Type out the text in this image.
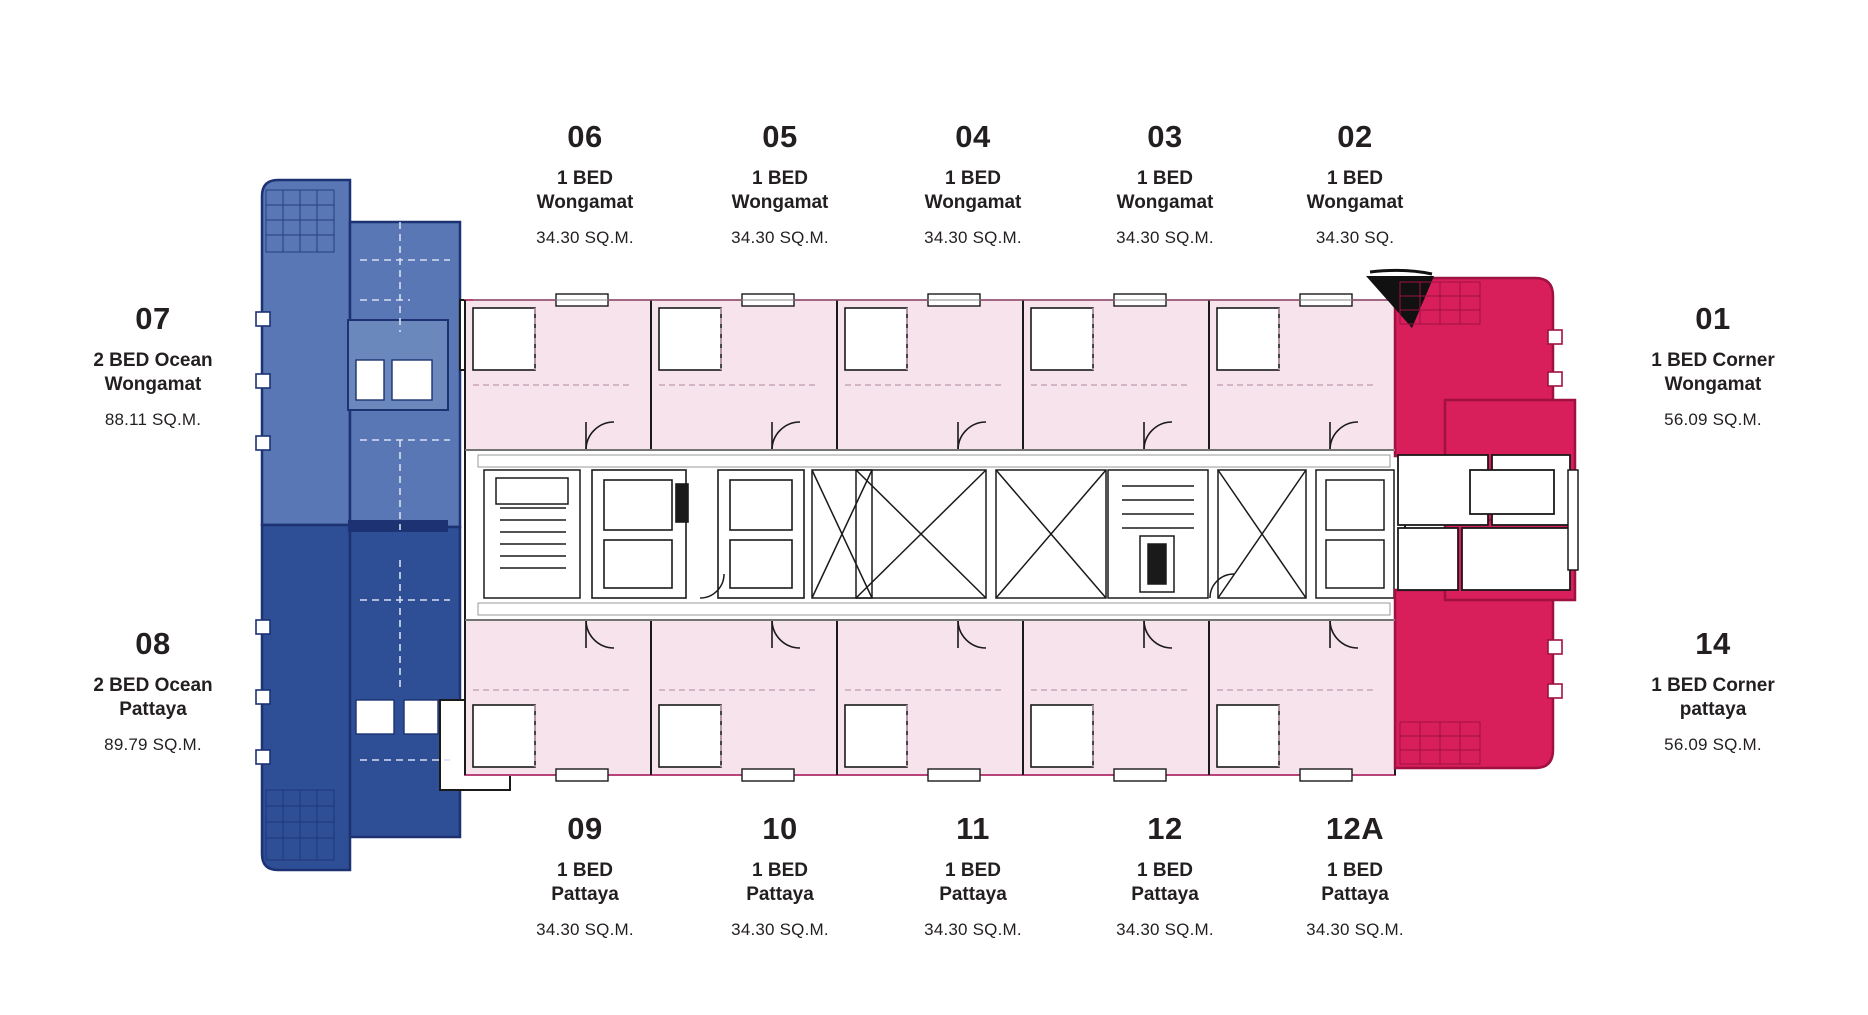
06
1 BED
Wongamat
34.30 SQ.M.
05
1 BED
Wongamat
34.30 SQ.M.
04
1 BED
Wongamat
34.30 SQ.M.
03
1 BED
Wongamat
34.30 SQ.M.
02
1 BED
Wongamat
34.30 SQ.
09
1 BED
Pattaya
34.30 SQ.M.
10
1 BED
Pattaya
34.30 SQ.M.
11
1 BED
Pattaya
34.30 SQ.M.
12
1 BED
Pattaya
34.30 SQ.M.
12A
1 BED
Pattaya
34.30 SQ.M.
07
2 BED Ocean
Wongamat
88.11 SQ.M.
08
2 BED Ocean
Pattaya
89.79 SQ.M.
01
1 BED Corner
Wongamat
56.09 SQ.M.
14
1 BED Corner
pattaya
56.09 SQ.M.
